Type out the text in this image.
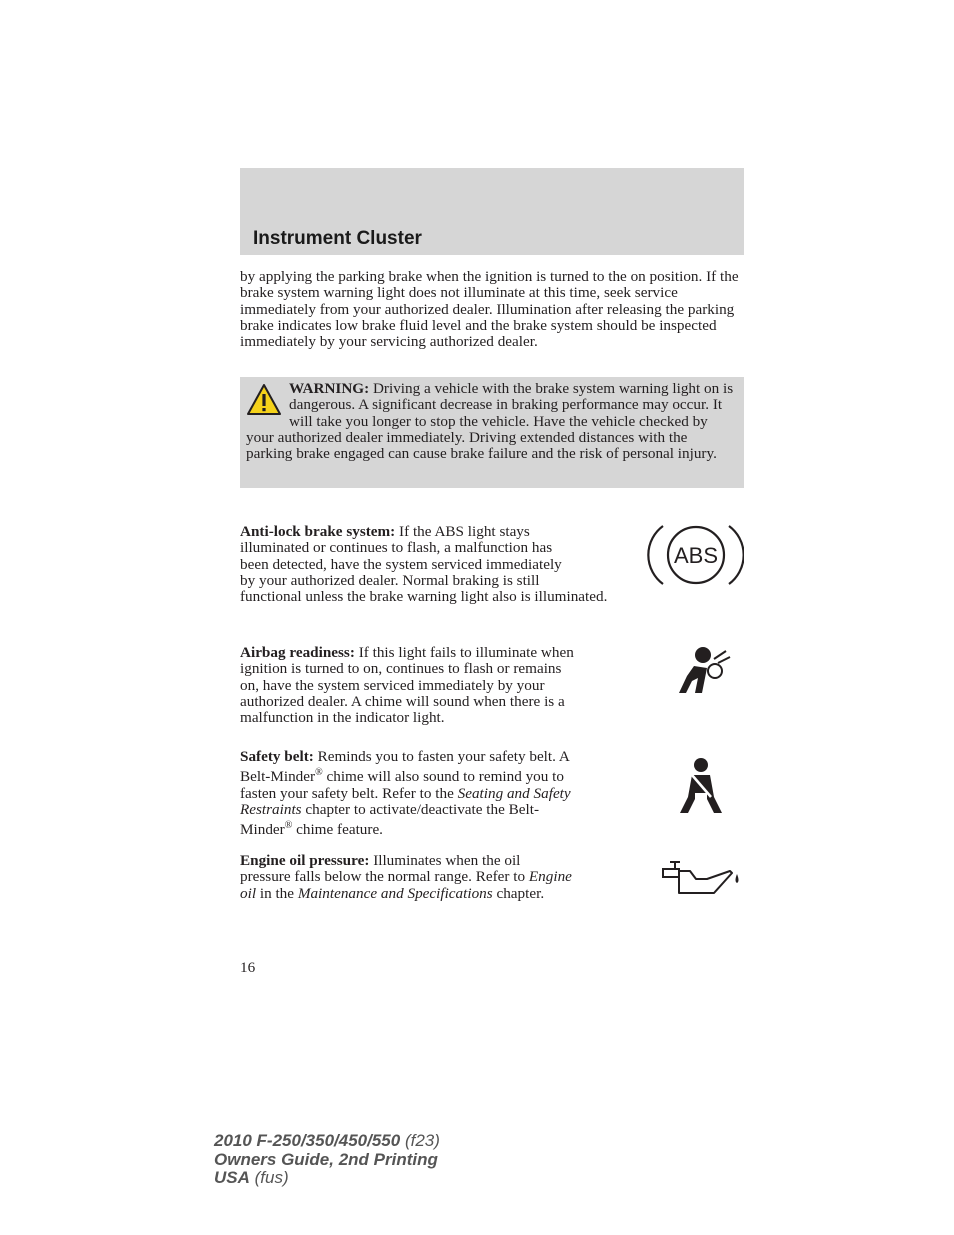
Instrument Cluster

by applying the parking brake when the ignition is turned to the on position. If the brake system warning light does not illuminate at this time, seek service immediately from your authorized dealer. Illumination after releasing the parking brake indicates low brake fluid level and the brake system should be inspected immediately by your servicing authorized dealer.

WARNING: Driving a vehicle with the brake system warning light on is dangerous. A significant decrease in braking performance may occur. It will take you longer to stop the vehicle. Have the vehicle checked by your authorized dealer immediately. Driving extended distances with the parking brake engaged can cause brake failure and the risk of personal injury.

ABS
Anti-lock brake system: If the ABS light stays illuminated or continues to flash, a malfunction has been detected, have the system serviced immediately by your authorized dealer. Normal braking is still functional unless the brake warning light also is illuminated.

Airbag readiness: If this light fails to illuminate when ignition is turned to on, continues to flash or remains on, have the system serviced immediately by your authorized dealer. A chime will sound when there is a malfunction in the indicator light.

Safety belt: Reminds you to fasten your safety belt. A Belt-Minder® chime will also sound to remind you to fasten your safety belt. Refer to the Seating and Safety Restraints chapter to activate/deactivate the Belt-Minder® chime feature.

Engine oil pressure: Illuminates when the oil pressure falls below the normal range. Refer to Engine oil in the Maintenance and Specifications chapter.

16

2010 F-250/350/450/550 (f23)
Owners Guide, 2nd Printing
USA (fus)
